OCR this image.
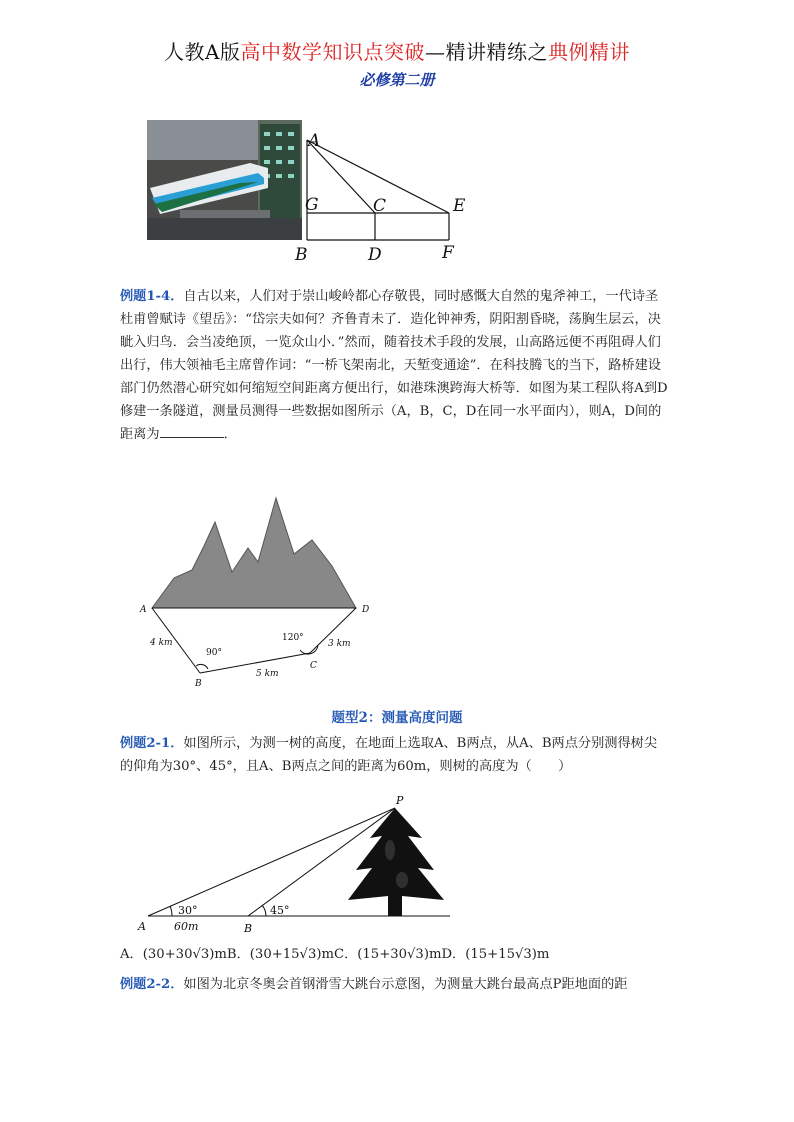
人教A版高中数学知识点突破—精讲精练之典例精讲
必修第二册
A
G	C	E
B	D	F
例题1-4．自古以来，人们对于崇山峻岭都心存敬畏，同时感慨大自然的鬼斧神工，一代诗圣杜甫曾赋诗《望岳》：“岱宗夫如何？齐鲁青未了．造化钟神秀，阴阳割昏晓，荡胸生层云，决眦入归鸟．会当凌绝顶，一览众山小．”然而，随着技术手段的发展，山高路远便不再阻碍人们出行，伟大领袖毛主席曾作词：“一桥飞架南北，天堑变通途”．在科技腾飞的当下，路桥建设部门仍然潜心研究如何缩短空间距离方便出行，如港珠澳跨海大桥等．如图为某工程队将A到D修建一条隧道，测量员测得一些数据如图所示（A，B，C，D在同一水平面内），则A，D间的距离为	．
A	D
B
C
4 km
5 km
3 km
90°
120°
题型2：测量高度问题
例题2-1．如图所示，为测一树的高度，在地面上选取A、B两点，从A、B两点分别测得树尖的仰角为30°、45°，且A、B两点之间的距离为60m，则树的高度为（　　）
P
A	B
30°	45°
60m
A．(30+30√3)mB．(30+15√3)mC．(15+30√3)mD．(15+15√3)m
例题2-2．如图为北京冬奥会首钢滑雪大跳台示意图，为测量大跳台最高点P距地面的距
